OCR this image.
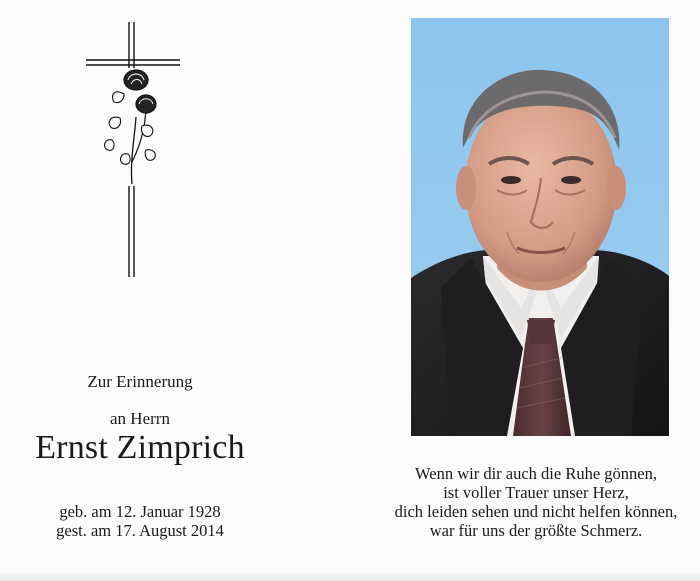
Zur Erinnerung
an Herrn
Ernst Zimprich
geb. am 12. Januar 1928
gest. am 17. August 2014
Wenn wir dir auch die Ruhe gönnen,
ist voller Trauer unser Herz,
dich leiden sehen und nicht helfen können,
war für uns der größte Schmerz.
